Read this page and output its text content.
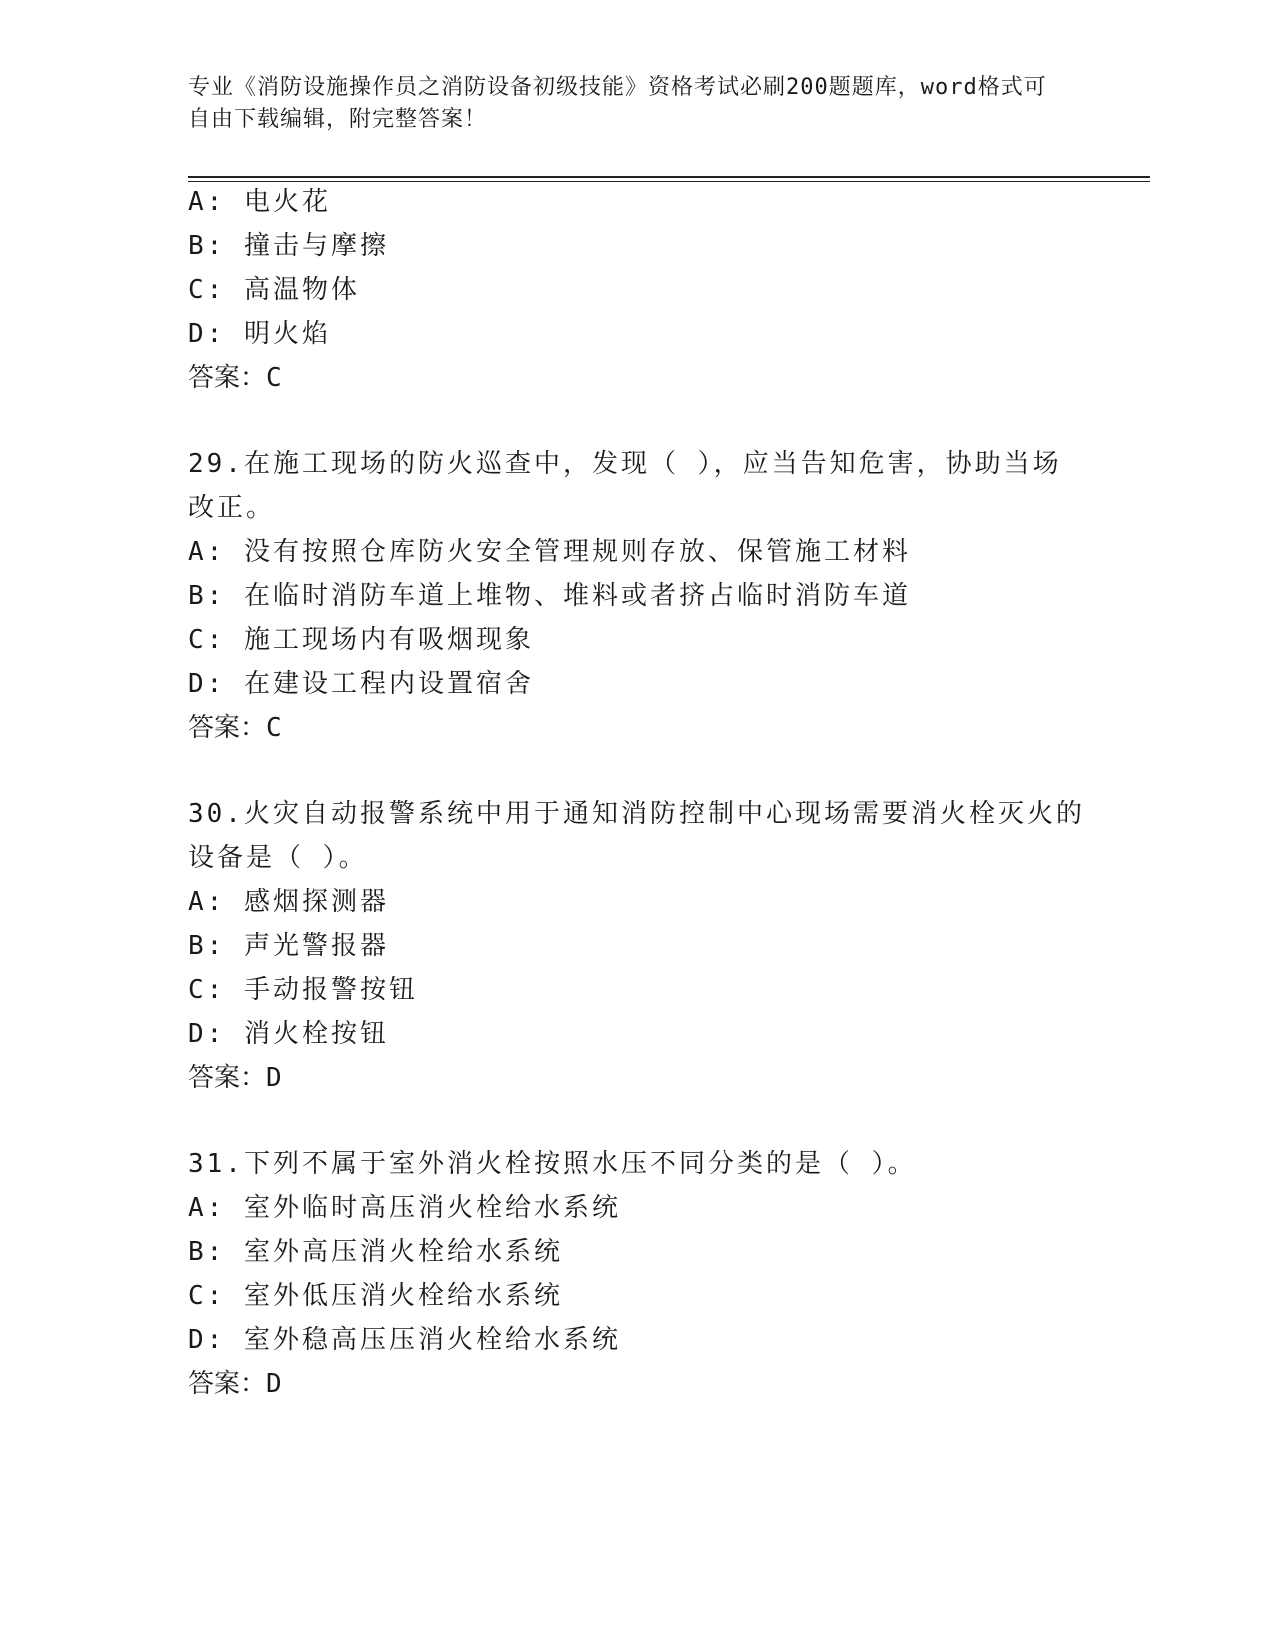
专业《消防设施操作员之消防设备初级技能》资格考试必刷200题题库，word格式可自由下载编辑，附完整答案！
A: 电火花
B: 撞击与摩擦
C: 高温物体
D: 明火焰
答案：C
29.在施工现场的防火巡查中，发现（ ），应当告知危害，协助当场
改正。
A: 没有按照仓库防火安全管理规则存放、保管施工材料
B: 在临时消防车道上堆物、堆料或者挤占临时消防车道
C: 施工现场内有吸烟现象
D: 在建设工程内设置宿舍
答案：C
30.火灾自动报警系统中用于通知消防控制中心现场需要消火栓灭火的
设备是（ ）。
A: 感烟探测器
B: 声光警报器
C: 手动报警按钮
D: 消火栓按钮
答案：D
31.下列不属于室外消火栓按照水压不同分类的是（ ）。
A: 室外临时高压消火栓给水系统
B: 室外高压消火栓给水系统
C: 室外低压消火栓给水系统
D: 室外稳高压压消火栓给水系统
答案：D
